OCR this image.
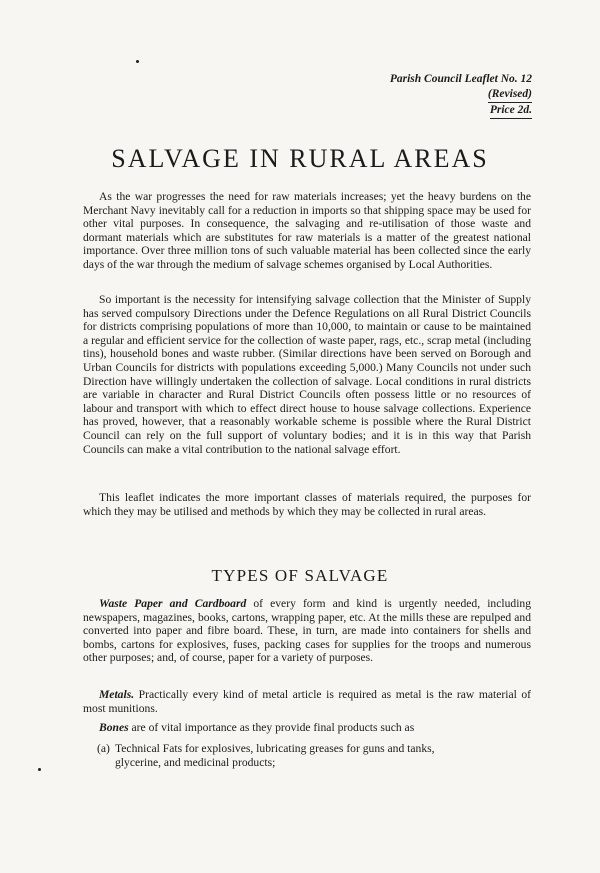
Parish Council Leaflet No. 12
(Revised)
Price 2d.
SALVAGE IN RURAL AREAS

As the war progresses the need for raw materials increases; yet the heavy burdens on the Merchant Navy inevitably call for a reduction in imports so that shipping space may be used for other vital purposes. In consequence, the salvaging and re-utilisation of those waste and dormant materials which are substitutes for raw materials is a matter of the greatest national importance. Over three million tons of such valuable material has been collected since the early days of the war through the medium of salvage schemes organised by Local Authorities.

So important is the necessity for intensifying salvage collection that the Minister of Supply has served compulsory Directions under the Defence Regulations on all Rural District Councils for districts comprising populations of more than 10,000, to maintain or cause to be maintained a regular and efficient service for the collection of waste paper, rags, etc., scrap metal (including tins), household bones and waste rubber. (Similar directions have been served on Borough and Urban Councils for districts with populations exceeding 5,000.) Many Councils not under such Direction have willingly undertaken the collection of salvage. Local conditions in rural districts are variable in character and Rural District Councils often possess little or no resources of labour and transport with which to effect direct house to house salvage collections. Experience has proved, however, that a reasonably workable scheme is possible where the Rural District Council can rely on the full support of voluntary bodies; and it is in this way that Parish Councils can make a vital contribution to the national salvage effort.

This leaflet indicates the more important classes of materials required, the purposes for which they may be utilised and methods by which they may be collected in rural areas.

TYPES OF SALVAGE

Waste Paper and Cardboard of every form and kind is urgently needed, including newspapers, magazines, books, cartons, wrapping paper, etc. At the mills these are repulped and converted into paper and fibre board. These, in turn, are made into containers for shells and bombs, cartons for explosives, fuses, packing cases for supplies for the troops and numerous other purposes; and, of course, paper for a variety of purposes.

Metals. Practically every kind of metal article is required as metal is the raw material of most munitions.

Bones are of vital importance as they provide final products such as

(a) Technical Fats for explosives, lubricating greases for guns and tanks,
glycerine, and medicinal products;
